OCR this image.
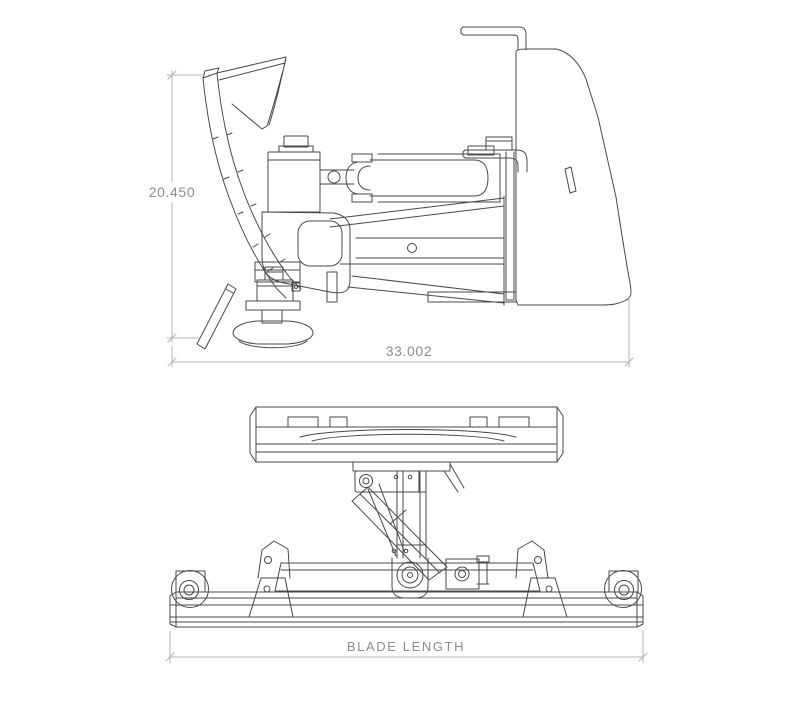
20.450
33.002
BLADE LENGTH
